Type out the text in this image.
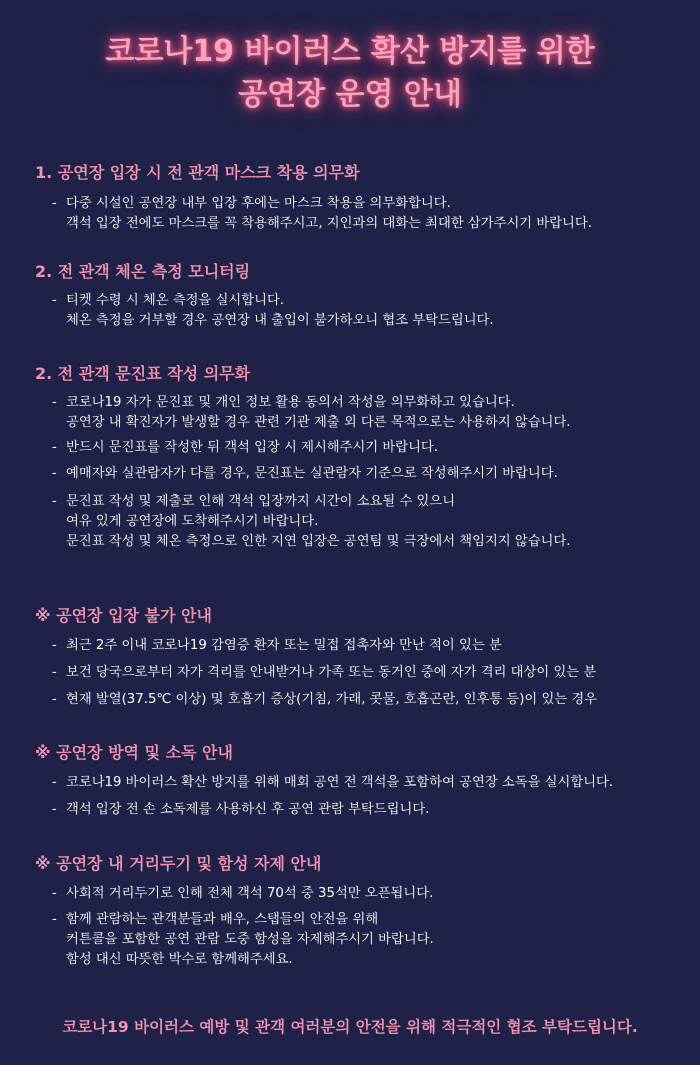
코로나19 바이러스 확산 방지를 위한
공연장 운영 안내
1. 공연장 입장 시 전 관객 마스크 착용 의무화
- 다중 시설인 공연장 내부 입장 후에는 마스크 착용을 의무화합니다.
객석 입장 전에도 마스크를 꼭 착용해주시고, 지인과의 대화는 최대한 삼가주시기 바랍니다.
2. 전 관객 체온 측정 모니터링
- 티켓 수령 시 체온 측정을 실시합니다.
체온 측정을 거부할 경우 공연장 내 출입이 불가하오니 협조 부탁드립니다.
2. 전 관객 문진표 작성 의무화
- 코로나19 자가 문진표 및 개인 정보 활용 동의서 작성을 의무화하고 있습니다.
공연장 내 확진자가 발생할 경우 관련 기관 제출 외 다른 목적으로는 사용하지 않습니다.
- 반드시 문진표를 작성한 뒤 객석 입장 시 제시해주시기 바랍니다.
- 예매자와 실관람자가 다를 경우, 문진표는 실관람자 기준으로 작성해주시기 바랍니다.
- 문진표 작성 및 제출로 인해 객석 입장까지 시간이 소요될 수 있으니
여유 있게 공연장에 도착해주시기 바랍니다.
문진표 작성 및 체온 측정으로 인한 지연 입장은 공연팀 및 극장에서 책임지지 않습니다.
※ 공연장 입장 불가 안내
- 최근 2주 이내 코로나19 감염증 환자 또는 밀접 접촉자와 만난 적이 있는 분
- 보건 당국으로부터 자가 격리를 안내받거나 가족 또는 동거인 중에 자가 격리 대상이 있는 분
- 현재 발열(37.5℃ 이상) 및 호흡기 증상(기침, 가래, 콧물, 호흡곤란, 인후통 등)이 있는 경우
※ 공연장 방역 및 소독 안내
- 코로나19 바이러스 확산 방지를 위해 매회 공연 전 객석을 포함하여 공연장 소독을 실시합니다.
- 객석 입장 전 손 소독제를 사용하신 후 공연 관람 부탁드립니다.
※ 공연장 내 거리두기 및 함성 자제 안내
- 사회적 거리두기로 인해 전체 객석 70석 중 35석만 오픈됩니다.
- 함께 관람하는 관객분들과 배우, 스탭들의 안전을 위해
커튼콜을 포함한 공연 관람 도중 함성을 자제해주시기 바랍니다.
함성 대신 따뜻한 박수로 함께해주세요.
코로나19 바이러스 예방 및 관객 여러분의 안전을 위해 적극적인 협조 부탁드립니다.
